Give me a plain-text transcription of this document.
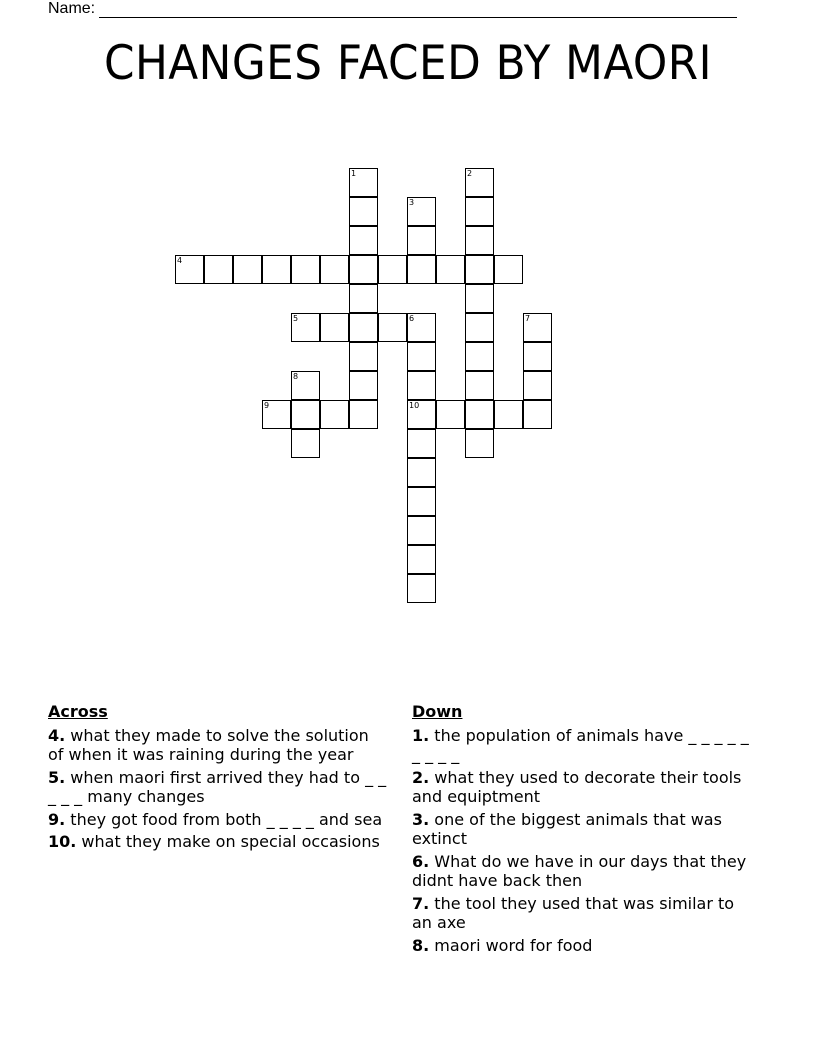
Name:
CHANGES FACED BY MAORI
1	2
3
4
5	6
10
7
8
9
Across
4. what they made to solve the solution of when it was raining during the year
5. when maori first arrived they had to _ _ _ _ _ many changes
9. they got food from both _ _ _ _ and sea
10. what they make on special occasions
Down
1. the population of animals have _ _ _ _ _ _ _ _ _
2. what they used to decorate their tools and equiptment
3. one of the biggest animals that was extinct
6. What do we have in our days that they didnt have back then
7. the tool they used that was similar to an axe
8. maori word for food
